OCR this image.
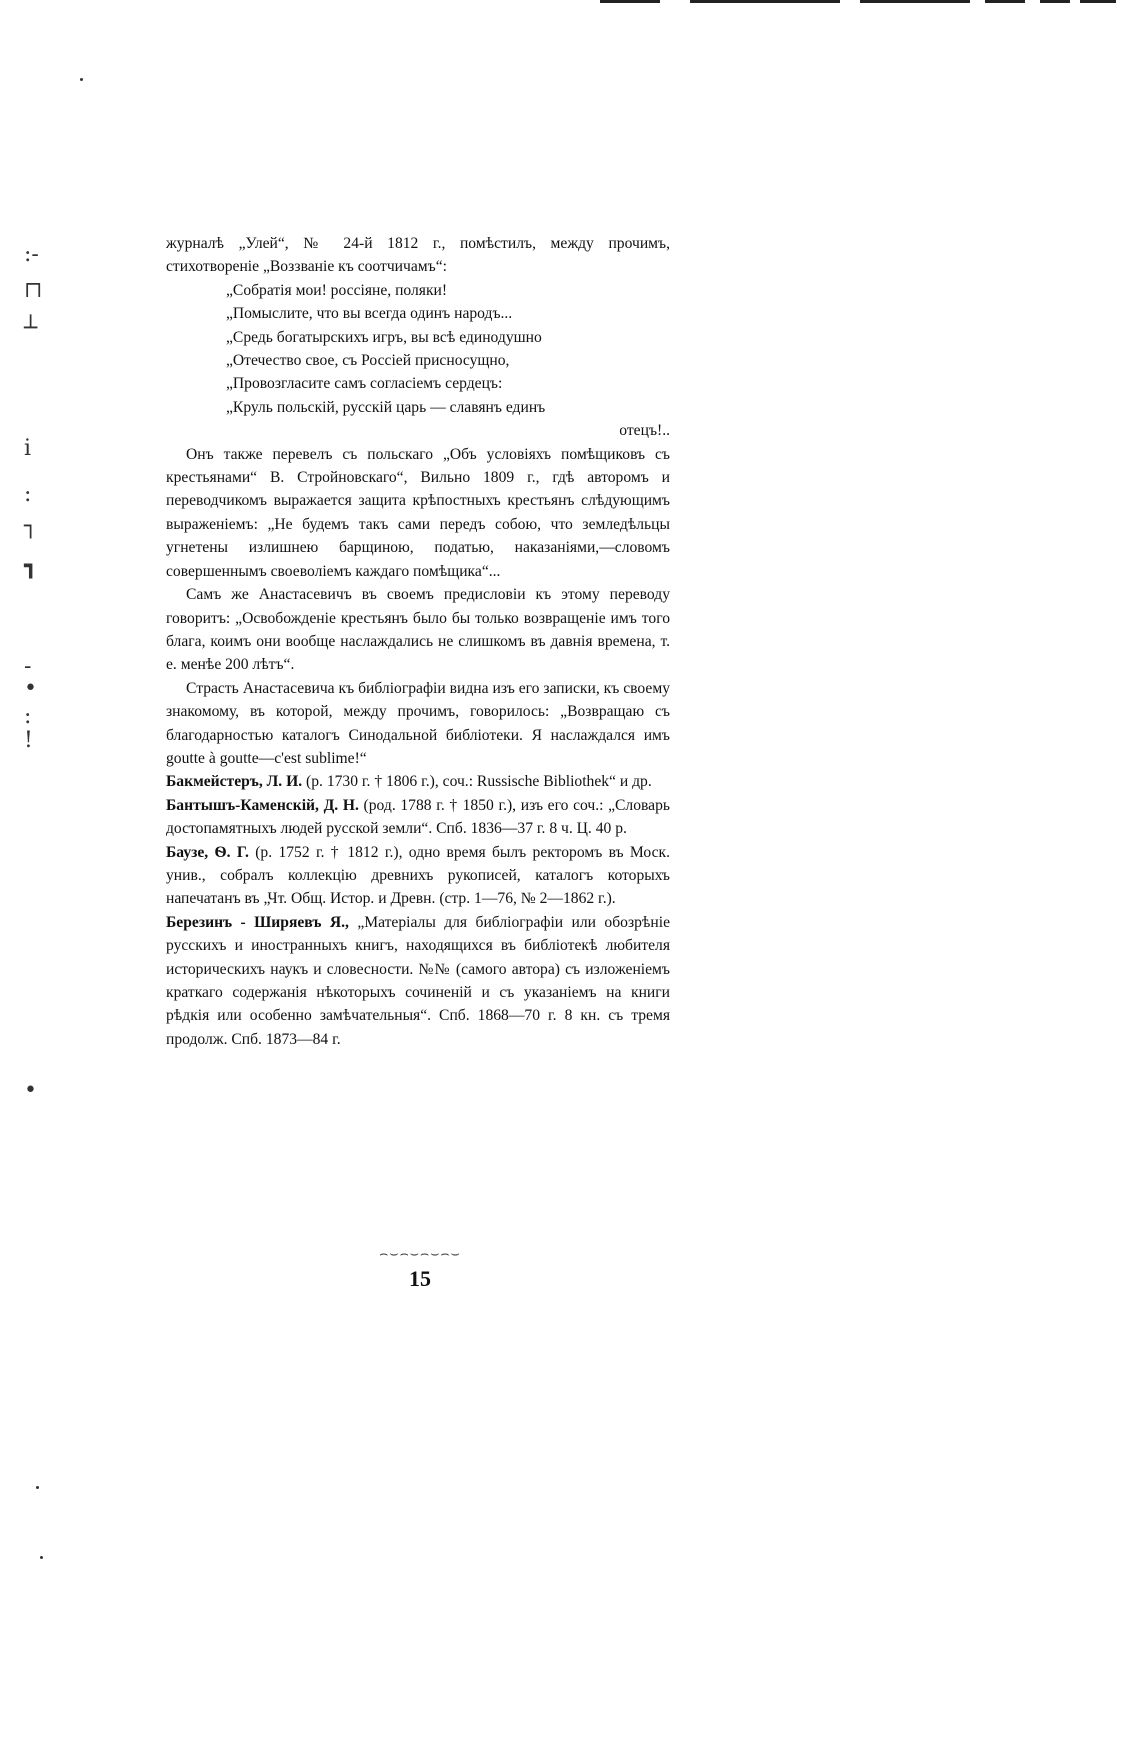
:-
⊓
┴
i
:
┐
┓
-
•
:
!
•

журналѣ „Улей“, № 24-й 1812 г., помѣстилъ, между прочимъ, стихотвореніе „Воззваніе къ соотчичамъ“:

„Собратія мои! россіяне, поляки!
„Помыслите, что вы всегда одинъ народъ...
„Средь богатырскихъ игръ, вы всѣ единодушно
„Отечество свое, съ Россіей присносущно,
„Провозгласите самъ согласіемъ сердецъ:
„Круль польскій, русскій царь — славянъ единъ
отецъ!..

Онъ также перевелъ съ польскаго „Объ условіяхъ помѣщиковъ съ крестьянами“ В. Стройновскаго“, Вильно 1809 г., гдѣ авторомъ и переводчикомъ выражается защита крѣпостныхъ крестьянъ слѣдующимъ выраженіемъ: „Не будемъ такъ сами передъ собою, что земледѣльцы угнетены излишнею барщиною, податью, наказаніями,—словомъ совершеннымъ своеволіемъ каждаго помѣщика“...

Самъ же Анастасевичъ въ своемъ предисловіи къ этому переводу говоритъ: „Освобожденіе крестьянъ было бы только возвращеніе имъ того блага, коимъ они вообще наслаждались не слишкомъ въ давнія времена, т. е. менѣе 200 лѣтъ“.

Страсть Анастасевича къ библіографіи видна изъ его записки, къ своему знакомому, въ которой, между прочимъ, говорилось: „Возвращаю съ благодарностью каталогъ Синодальной библіотеки. Я наслаждался имъ goutte à goutte—c'est sublime!“

Бакмейстеръ, Л. И. (р. 1730 г. † 1806 г.), соч.: Russische Bibliothek“ и др.

Бантышъ-Каменскій, Д. Н. (род. 1788 г. † 1850 г.), изъ его соч.: „Словарь достопамятныхъ людей русской земли“. Спб. 1836—37 г. 8 ч. Ц. 40 р.

Баузе, Ѳ. Г. (р. 1752 г. † 1812 г.), одно время былъ ректоромъ въ Моск. унив., собралъ коллекцію древнихъ рукописей, каталогъ которыхъ напечатанъ въ „Чт. Общ. Истор. и Древн. (стр. 1—76, № 2—1862 г.).

Березинъ - Ширяевъ Я., „Матеріалы для библіографіи или обозрѣніе русскихъ и иностранныхъ книгъ, находящихся въ библіотекѣ любителя историческихъ наукъ и словесности. №№ (самого автора) съ изложеніемъ краткаго содержанія нѣкоторыхъ сочиненій и съ указаніемъ на книги рѣдкія или особенно замѣчательныя“. Спб. 1868—70 г. 8 кн. съ тремя продолж. Спб. 1873—84 г.

⌢⌣⌢⌣⌢⌣⌢⌣
15
